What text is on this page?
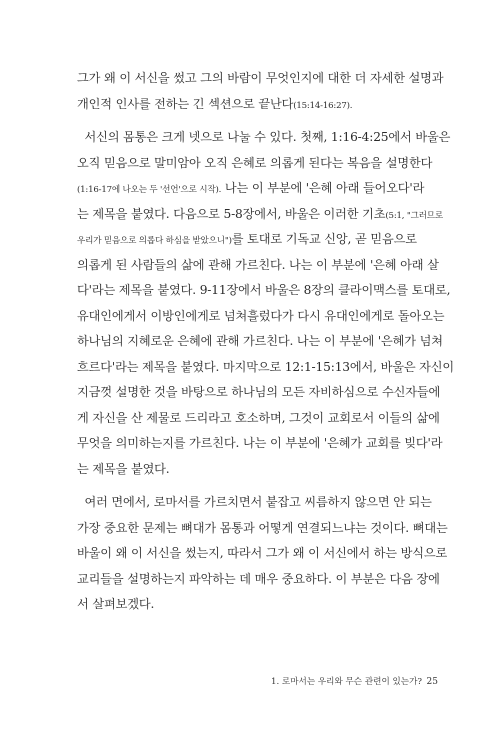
그가 왜 이 서신을 썼고 그의 바람이 무엇인지에 대한 더 자세한 설명과
개인적 인사를 전하는 긴 섹션으로 끝난다(15:14-16:27).
서신의 몸통은 크게 넷으로 나눌 수 있다. 첫째, 1:16-4:25에서 바울은
오직 믿음으로 말미암아 오직 은혜로 의롭게 된다는 복음을 설명한다
(1:16-17에 나오는 두 '선언'으로 시작). 나는 이 부분에 '은혜 아래 들어오다'라
는 제목을 붙였다. 다음으로 5-8장에서, 바울은 이러한 기초(5:1, "그러므로
우리가 믿음으로 의롭다 하심을 받았으니")를 토대로 기독교 신앙, 곧 믿음으로
의롭게 된 사람들의 삶에 관해 가르친다. 나는 이 부분에 '은혜 아래 살
다'라는 제목을 붙였다. 9-11장에서 바울은 8장의 클라이맥스를 토대로,
유대인에게서 이방인에게로 넘쳐흘렀다가 다시 유대인에게로 돌아오는
하나님의 지혜로운 은혜에 관해 가르친다. 나는 이 부분에 '은혜가 넘쳐
흐르다'라는 제목을 붙였다. 마지막으로 12:1-15:13에서, 바울은 자신이
지금껏 설명한 것을 바탕으로 하나님의 모든 자비하심으로 수신자들에
게 자신을 산 제물로 드리라고 호소하며, 그것이 교회로서 이들의 삶에
무엇을 의미하는지를 가르친다. 나는 이 부분에 '은혜가 교회를 빚다'라
는 제목을 붙였다.
여러 면에서, 로마서를 가르치면서 붙잡고 씨름하지 않으면 안 되는
가장 중요한 문제는 뼈대가 몸통과 어떻게 연결되느냐는 것이다. 뼈대는
바울이 왜 이 서신을 썼는지, 따라서 그가 왜 이 서신에서 하는 방식으로
교리들을 설명하는지 파악하는 데 매우 중요하다. 이 부분은 다음 장에
서 살펴보겠다.
1. 로마서는 우리와 무슨 관련이 있는가? 25
